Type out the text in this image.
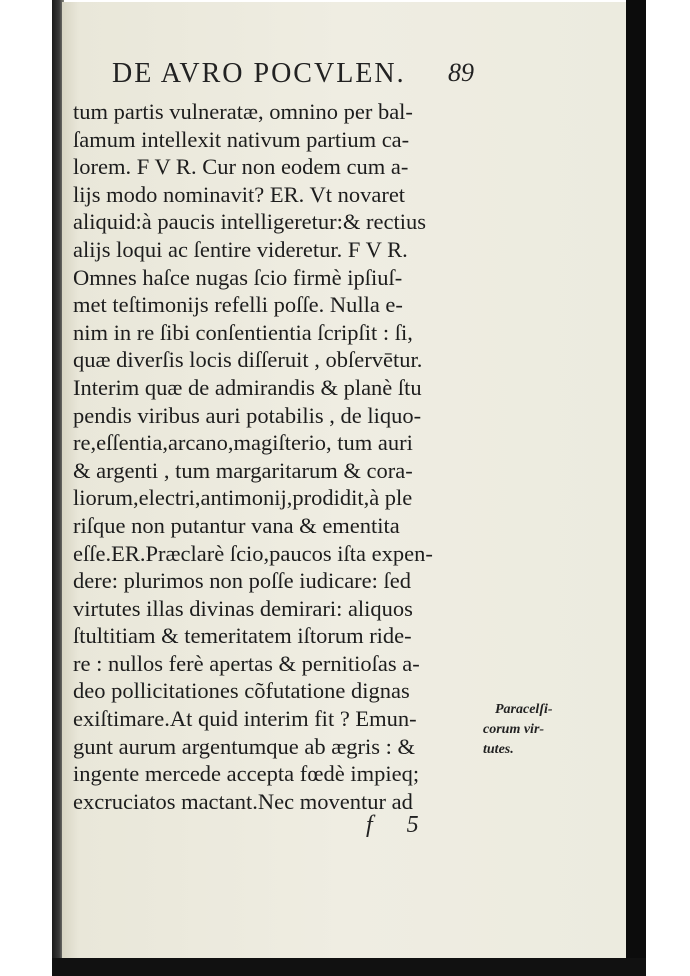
DE AVRO POCVLEN.	89
tum partis vulneratæ, omnino per bal-
ſamum intellexit nativum partium ca-
lorem. F V R. Cur non eodem cum a-
lijs modo nominavit? ER. Vt novaret
aliquid:à paucis intelligeretur:& rectius
alijs loqui ac ſentire videretur. F V R.
Omnes haſce nugas ſcio firmè ipſiuſ-
met teſtimonijs refelli poſſe. Nulla e-
nim in re ſibi conſentientia ſcripſit : ſi,
quæ diverſis locis diſſeruit , obſervētur.
Interim quæ de admirandis & planè ſtu
pendis viribus auri potabilis , de liquo-
re,eſſentia,arcano,magiſterio, tum auri
& argenti , tum margaritarum & cora-
liorum,electri,antimonij,prodidit,à ple
riſque non putantur vana & ementita
eſſe.ER.Præclarè ſcio,paucos iſta expen-
dere: plurimos non poſſe iudicare: ſed
virtutes illas divinas demirari: aliquos
ſtultitiam & temeritatem iſtorum ride-
re : nullos ferè apertas & pernitioſas a-
deo pollicitationes cõfutatione dignas
exiſtimare.At quid interim fit ? Emun-
gunt aurum argentumque ab ægris : &
ingente mercede accepta fœdè impieq;
excruciatos mactant.Nec moventur ad
Paracelſi-
corum vir-
tutes.
f 5
